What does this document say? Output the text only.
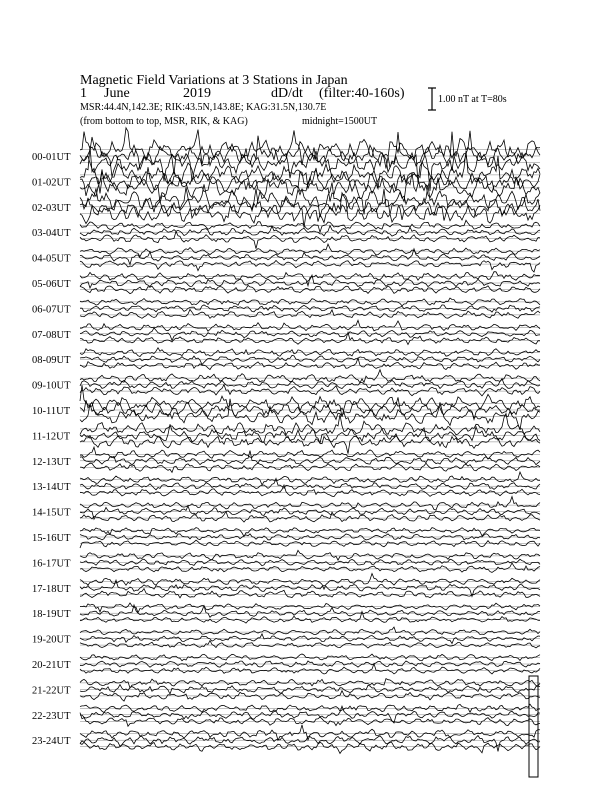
Magnetic Field Variations at 3 Stations in Japan
1 June	2019	dD/dt (filter:40-160s)
MSR:44.4N,142.3E; RIK:43.5N,143.8E; KAG:31.5N,130.7E
(from bottom to top, MSR, RIK, & KAG)	midnight=1500UT
1.00 nT at T=80s
00-01UT
01-02UT
02-03UT
03-04UT
04-05UT
05-06UT
06-07UT
07-08UT
08-09UT
09-10UT
10-11UT
11-12UT
12-13UT
13-14UT
14-15UT
15-16UT
16-17UT
17-18UT
18-19UT
19-20UT
20-21UT
21-22UT
22-23UT
23-24UT
